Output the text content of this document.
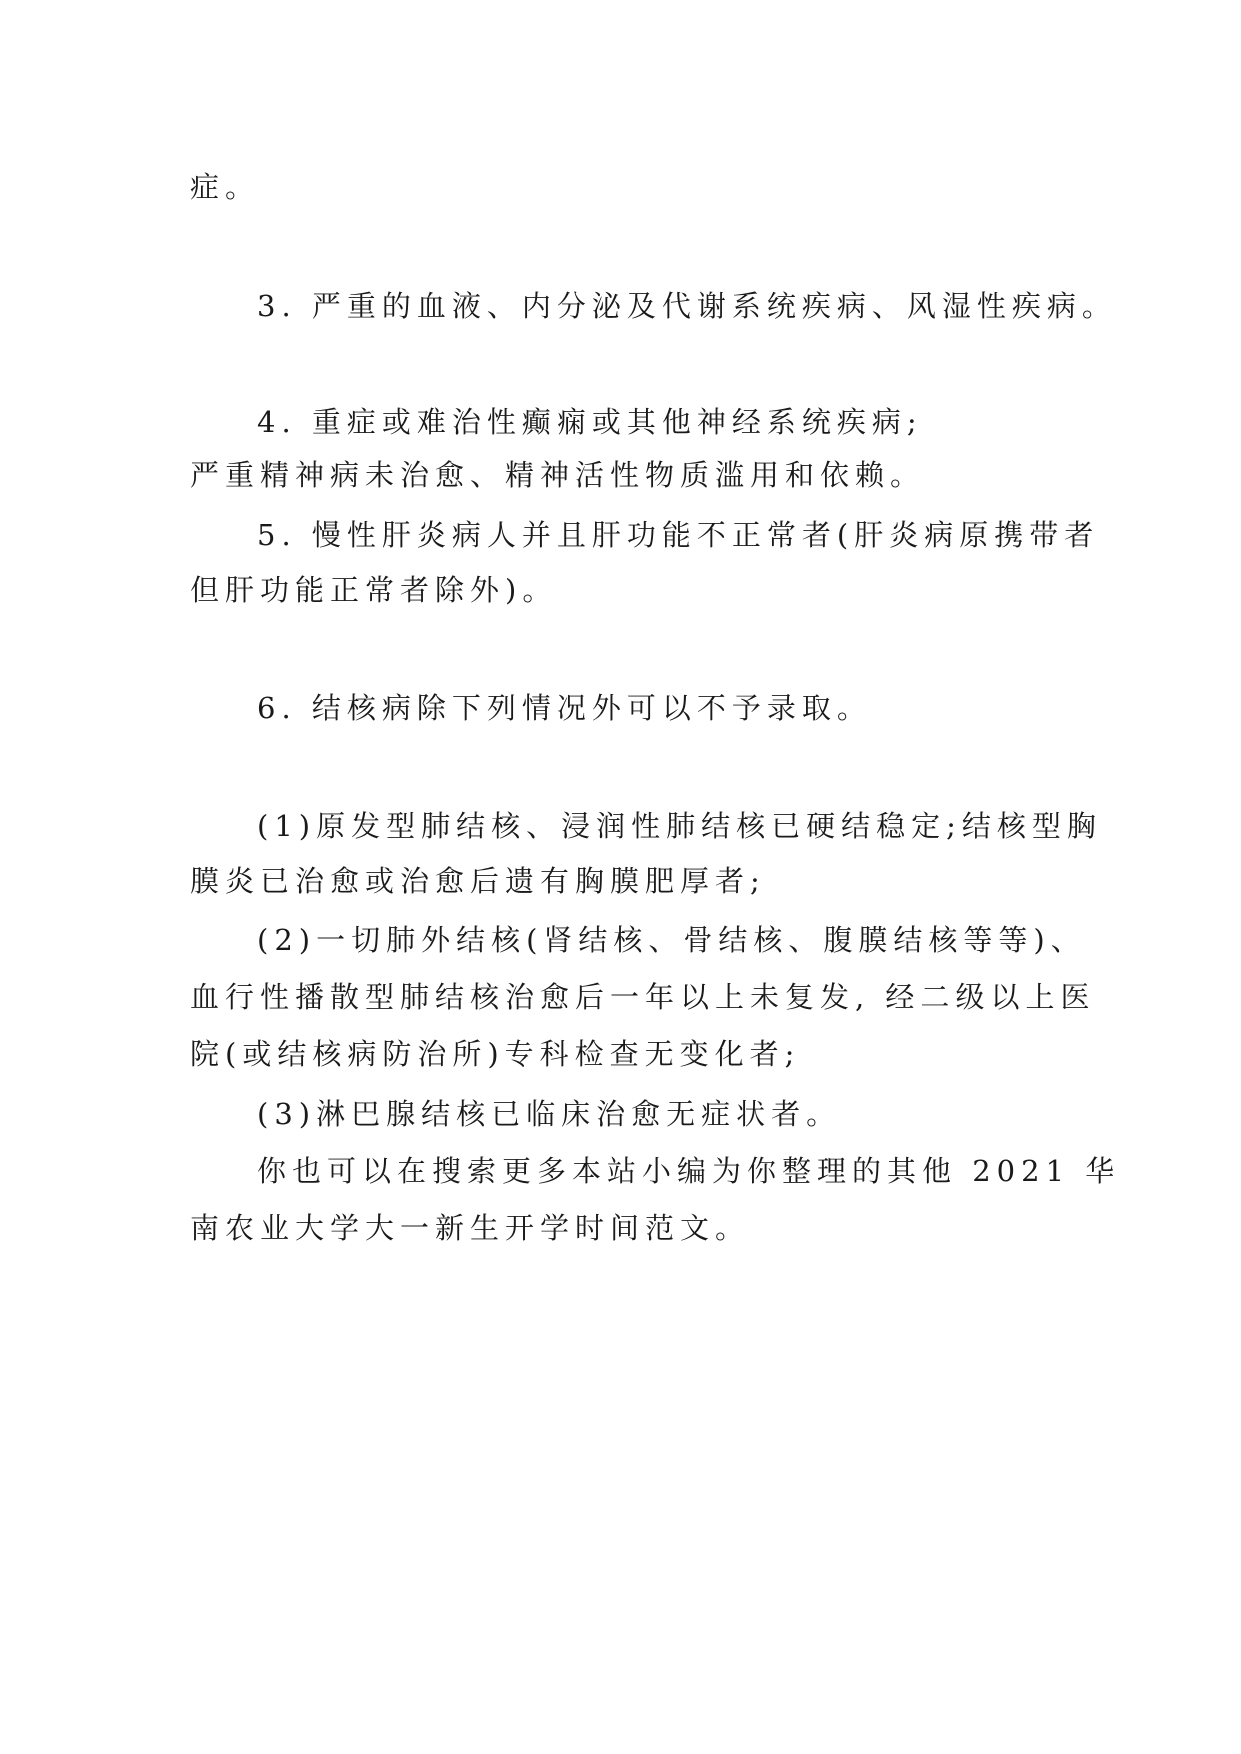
症。
3. 严重的血液、内分泌及代谢系统疾病、风湿性疾病。
4. 重症或难治性癫痫或其他神经系统疾病;
严重精神病未治愈、精神活性物质滥用和依赖。
5. 慢性肝炎病人并且肝功能不正常者(肝炎病原携带者
但肝功能正常者除外)。
6. 结核病除下列情况外可以不予录取。
(1)原发型肺结核、浸润性肺结核已硬结稳定;结核型胸
膜炎已治愈或治愈后遗有胸膜肥厚者;
(2)一切肺外结核(肾结核、骨结核、腹膜结核等等)、
血行性播散型肺结核治愈后一年以上未复发, 经二级以上医
院(或结核病防治所)专科检查无变化者;
(3)淋巴腺结核已临床治愈无症状者。
你也可以在搜索更多本站小编为你整理的其他 2021 华
南农业大学大一新生开学时间范文。
